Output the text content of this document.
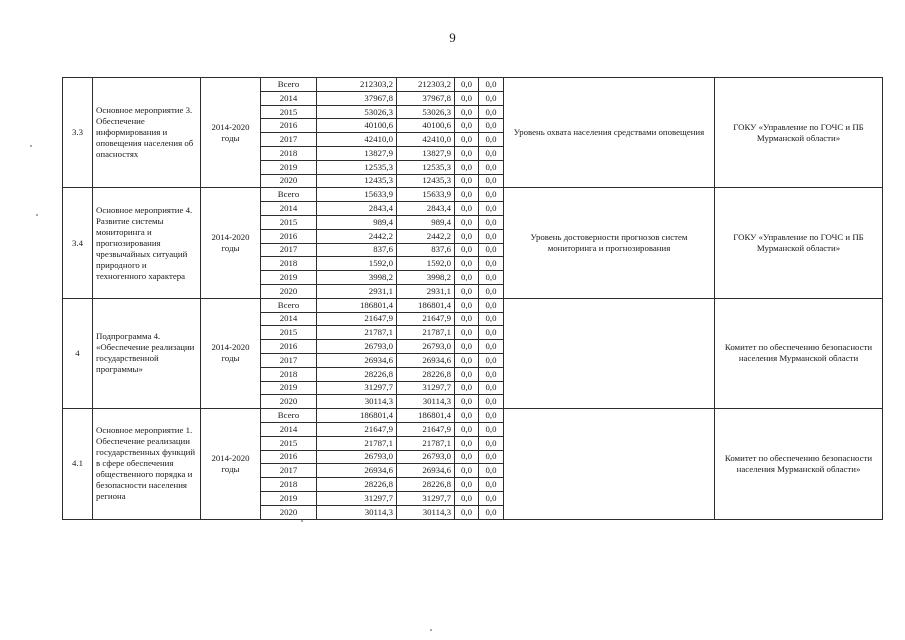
9
3.3	Основное мероприятие 3. Обеспечение информирования и оповещения населения об опасностях	2014-2020 годы	Всего	212303,2	212303,2	0,0	0,0	Уровень охвата населения средствами оповещения	ГОКУ «Управление по ГОЧС и ПБ Мурманской области»
			2014	37967,8	37967,8	0,0	0,0		
			2015	53026,3	53026,3	0,0	0,0		
			2016	40100,6	40100,6	0,0	0,0		
			2017	42410,0	42410,0	0,0	0,0		
			2018	13827,9	13827,9	0,0	0,0		
			2019	12535,3	12535,3	0,0	0,0		
			2020	12435,3	12435,3	0,0	0,0		
3.4	Основное мероприятие 4. Развитие системы мониторинга и прогнозирования чрезвычайных ситуаций природного и техногенного характера	2014-2020 годы	Всего	15633,9	15633,9	0,0	0,0	Уровень достоверности прогнозов систем мониторинга и прогнозирования	ГОКУ «Управление по ГОЧС и ПБ Мурманской области»
			2014	2843,4	2843,4	0,0	0,0		
			2015	989,4	989,4	0,0	0,0		
			2016	2442,2	2442,2	0,0	0,0		
			2017	837,6	837,6	0,0	0,0		
			2018	1592,0	1592,0	0,0	0,0		
			2019	3998,2	3998,2	0,0	0,0		
			2020	2931,1	2931,1	0,0	0,0		
4	Подпрограмма 4. «Обеспечение реализации государственной программы»	2014-2020 годы	Всего	186801,4	186801,4	0,0	0,0		Комитет по обеспечению безопасности населения Мурманской области
			2014	21647,9	21647,9	0,0	0,0		
			2015	21787,1	21787,1	0,0	0,0		
			2016	26793,0	26793,0	0,0	0,0		
			2017	26934,6	26934,6	0,0	0,0		
			2018	28226,8	28226,8	0,0	0,0		
			2019	31297,7	31297,7	0,0	0,0		
			2020	30114,3	30114,3	0,0	0,0		
4.1	Основное мероприятие 1. Обеспечение реализации государственных функций в сфере обеспечения общественного порядка и безопасности населения региона	2014-2020 годы	Всего	186801,4	186801,4	0,0	0,0		Комитет по обеспечению безопасности населения Мурманской области»
			2014	21647,9	21647,9	0,0	0,0		
			2015	21787,1	21787,1	0,0	0,0		
			2016	26793,0	26793,0	0,0	0,0		
			2017	26934,6	26934,6	0,0	0,0		
			2018	28226,8	28226,8	0,0	0,0		
			2019	31297,7	31297,7	0,0	0,0		
			2020	30114,3	30114,3	0,0	0,0		
